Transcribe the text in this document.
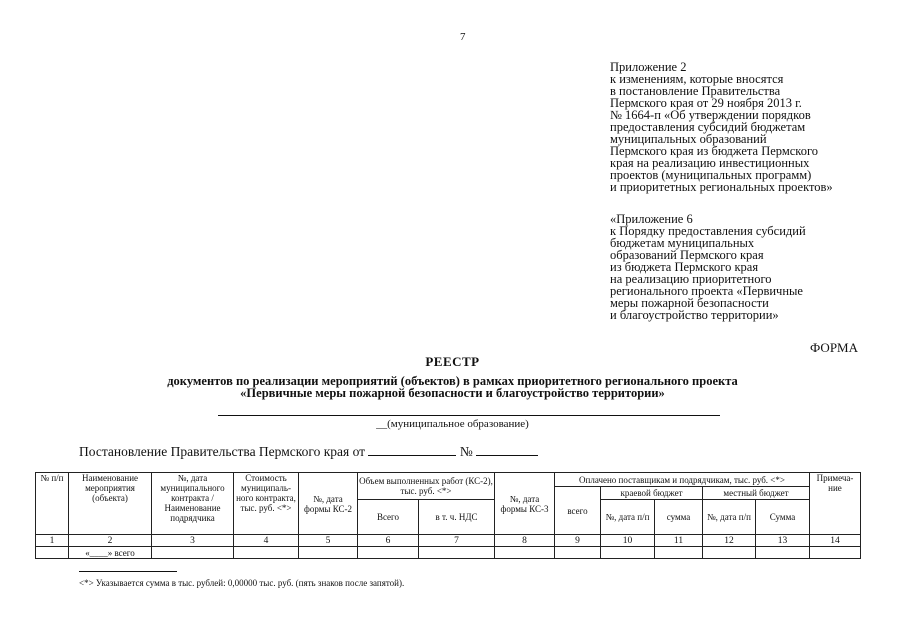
7
Приложение 2
к изменениям, которые вносятся
в постановление Правительства
Пермского края от 29 ноября 2013 г.
№ 1664-п «Об утверждении порядков
предоставления субсидий бюджетам
муниципальных образований
Пермского края из бюджета Пермского
края на реализацию инвестиционных
проектов (муниципальных программ)
и приоритетных региональных проектов»
«Приложение 6
к Порядку предоставления субсидий
бюджетам муниципальных
образований Пермского края
из бюджета Пермского края
на реализацию приоритетного
регионального проекта «Первичные
меры пожарной безопасности
и благоустройство территории»
ФОРМА
РЕЕСТР
документов по реализации мероприятий (объектов) в рамках приоритетного регионального проекта
«Первичные меры пожарной безопасности и благоустройство территории»
__(муниципальное образование)
Постановление Правительства Пермского края от	№
№ п/п	Наименование мероприятия (объекта)	№, дата муниципального контракта / Наименование подрядчика	Стоимость муниципаль-ного контракта, тыс. руб. <*>	№, дата формы КС-2	Объем выполненных работ (КС-2), тыс. руб. <*>		№, дата формы КС-3	Оплачено поставщикам и подрядчикам, тыс. руб. <*>					Примеча-ние
								всего	краевой бюджет		местный бюджет		
					Всего	в т. ч. НДС			№, дата п/п	сумма	№, дата п/п	Сумма	
1	2	3	4	5	6	7	8	9	10	11	12	13	14
	«____» всего												
<*> Указывается сумма в тыс. рублей: 0,00000 тыс. руб. (пять знаков после запятой).
